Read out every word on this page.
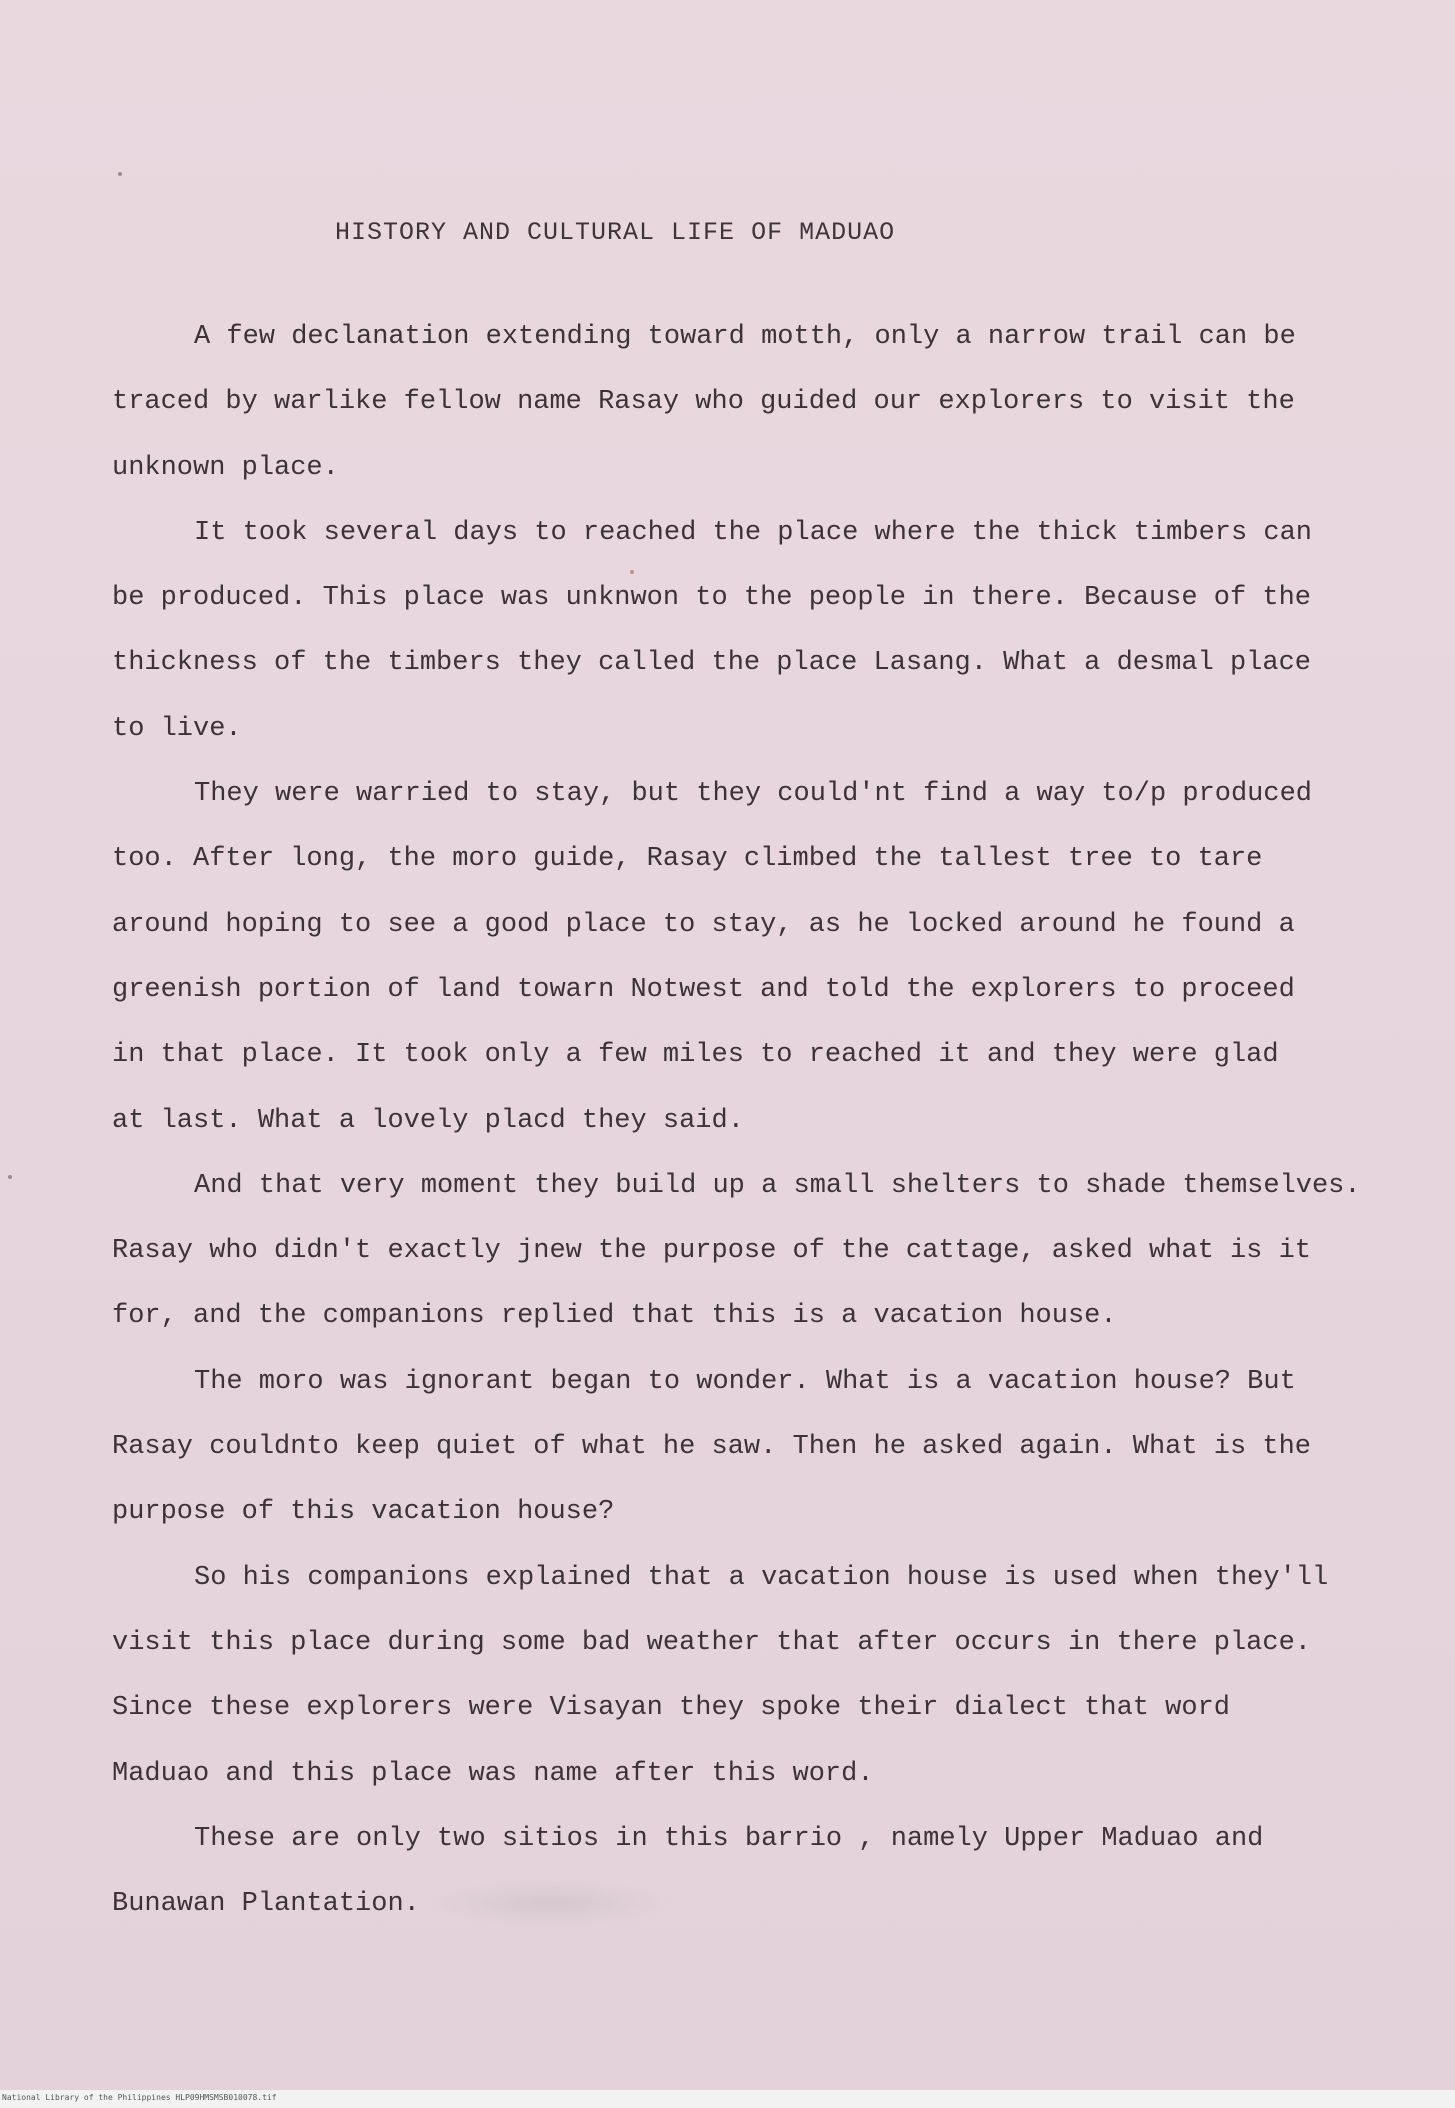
HISTORY AND CULTURAL LIFE OF MADUAO
A few declanation extending toward motth, only a narrow trail can be
traced by warlike fellow name Rasay who guided our explorers to visit the
unknown place.
It took several days to reached the place where the thick timbers can
be produced. This place was unknwon to the people in there. Because of the
thickness of the timbers they called the place Lasang. What a desmal place
to live.
They were warried to stay, but they could'nt find a way to/p produced
too. After long, the moro guide, Rasay climbed the tallest tree to tare
around hoping to see a good place to stay, as he locked around he found a
greenish portion of land towarn Notwest and told the explorers to proceed
in that place. It took only a few miles to reached it and they were glad
at last. What a lovely placd they said.
And that very moment they build up a small shelters to shade themselves.
Rasay who didn't exactly jnew the purpose of the cattage, asked what is it
for, and the companions replied that this is a vacation house.
The moro was ignorant began to wonder. What is a vacation house? But
Rasay couldnto keep quiet of what he saw. Then he asked again. What is the
purpose of this vacation house?
So his companions explained that a vacation house is used when they'll
visit this place during some bad weather that after occurs in there place.
Since these explorers were Visayan they spoke their dialect that word
Maduao and this place was name after this word.
These are only two sitios in this barrio , namely Upper Maduao and
Bunawan Plantation.
National Library of the Philippines HLP09HMSMSB010078.tif
